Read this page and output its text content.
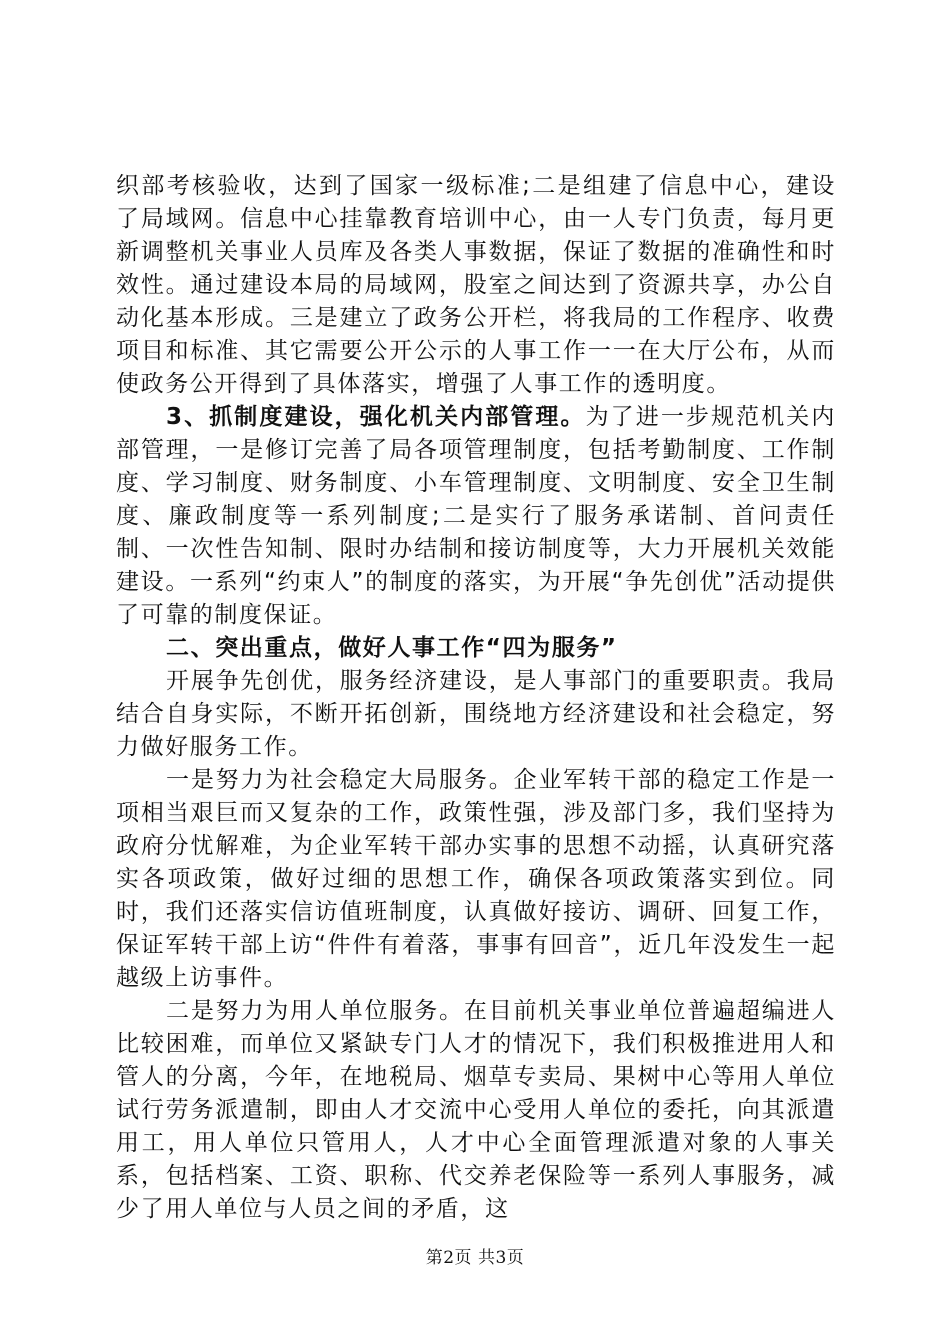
织部考核验收，达到了国家一级标准;二是组建了信息中心，建设了局域网。信息中心挂靠教育培训中心，由一人专门负责，每月更新调整机关事业人员库及各类人事数据，保证了数据的准确性和时效性。通过建设本局的局域网，股室之间达到了资源共享，办公自动化基本形成。三是建立了政务公开栏，将我局的工作程序、收费项目和标准、其它需要公开公示的人事工作一一在大厅公布，从而使政务公开得到了具体落实，增强了人事工作的透明度。

3、抓制度建设，强化机关内部管理。为了进一步规范机关内部管理，一是修订完善了局各项管理制度，包括考勤制度、工作制度、学习制度、财务制度、小车管理制度、文明制度、安全卫生制度、廉政制度等一系列制度;二是实行了服务承诺制、首问责任制、一次性告知制、限时办结制和接访制度等，大力开展机关效能建设。一系列“约束人”的制度的落实，为开展“争先创优”活动提供了可靠的制度保证。

二、突出重点，做好人事工作“四为服务”

开展争先创优，服务经济建设，是人事部门的重要职责。我局结合自身实际，不断开拓创新，围绕地方经济建设和社会稳定，努力做好服务工作。

一是努力为社会稳定大局服务。企业军转干部的稳定工作是一项相当艰巨而又复杂的工作，政策性强，涉及部门多，我们坚持为政府分忧解难，为企业军转干部办实事的思想不动摇，认真研究落实各项政策，做好过细的思想工作，确保各项政策落实到位。同时，我们还落实信访值班制度，认真做好接访、调研、回复工作，保证军转干部上访“件件有着落，事事有回音”，近几年没发生一起越级上访事件。

二是努力为用人单位服务。在目前机关事业单位普遍超编进人比较困难，而单位又紧缺专门人才的情况下，我们积极推进用人和管人的分离，今年，在地税局、烟草专卖局、果树中心等用人单位试行劳务派遣制，即由人才交流中心受用人单位的委托，向其派遣用工，用人单位只管用人，人才中心全面管理派遣对象的人事关系，包括档案、工资、职称、代交养老保险等一系列人事服务，减少了用人单位与人员之间的矛盾，这

第2页 共3页
